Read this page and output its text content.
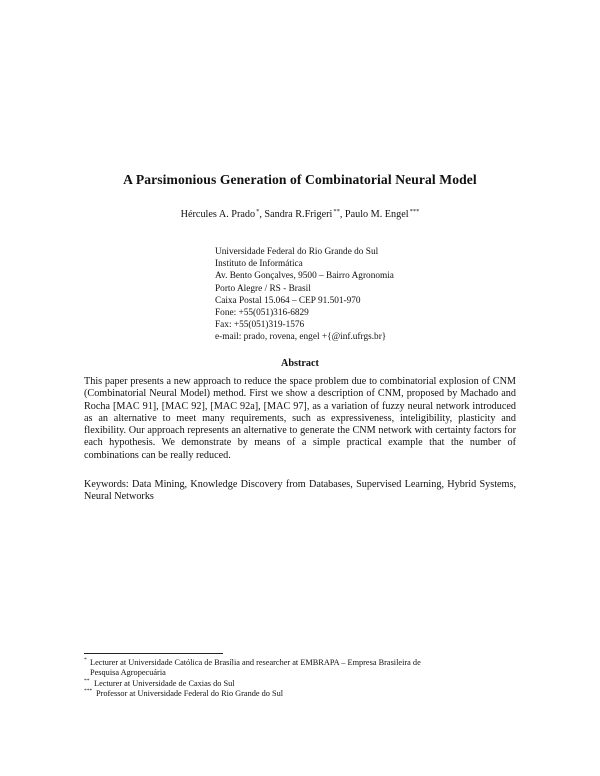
A Parsimonious Generation of Combinatorial Neural Model
Hércules A. Prado*, Sandra R.Frigeri**, Paulo M. Engel***
Universidade Federal do Rio Grande do Sul
Instituto de Informática
Av. Bento Gonçalves, 9500 – Bairro Agronomia
Porto Alegre / RS - Brasil
Caixa Postal 15.064 – CEP 91.501-970
Fone: +55(051)316-6829
Fax: +55(051)319-1576
e-mail: prado, rovena, engel +{@inf.ufrgs.br}
Abstract

This paper presents a new approach to reduce the space problem due to combinatorial explosion of CNM (Combinatorial Neural Model) method. First we show a description of CNM, proposed by Machado and Rocha [MAC 91], [MAC 92], [MAC 92a], [MAC 97], as a variation of fuzzy neural network introduced as an alternative to meet many requirements, such as expressiveness, inteligibility, plasticity and flexibility. Our approach represents an alternative to generate the CNM network with certainty factors for each hypothesis. We demonstrate by means of a simple practical example that the number of combinations can be really reduced.

Keywords: Data Mining, Knowledge Discovery from Databases, Supervised Learning, Hybrid Systems, Neural Networks

* Lecturer at Universidade Católica de Brasília and researcher at EMBRAPA – Empresa Brasileira de
Pesquisa Agropecuária
** Lecturer at Universidade de Caxias do Sul
*** Professor at Universidade Federal do Rio Grande do Sul
